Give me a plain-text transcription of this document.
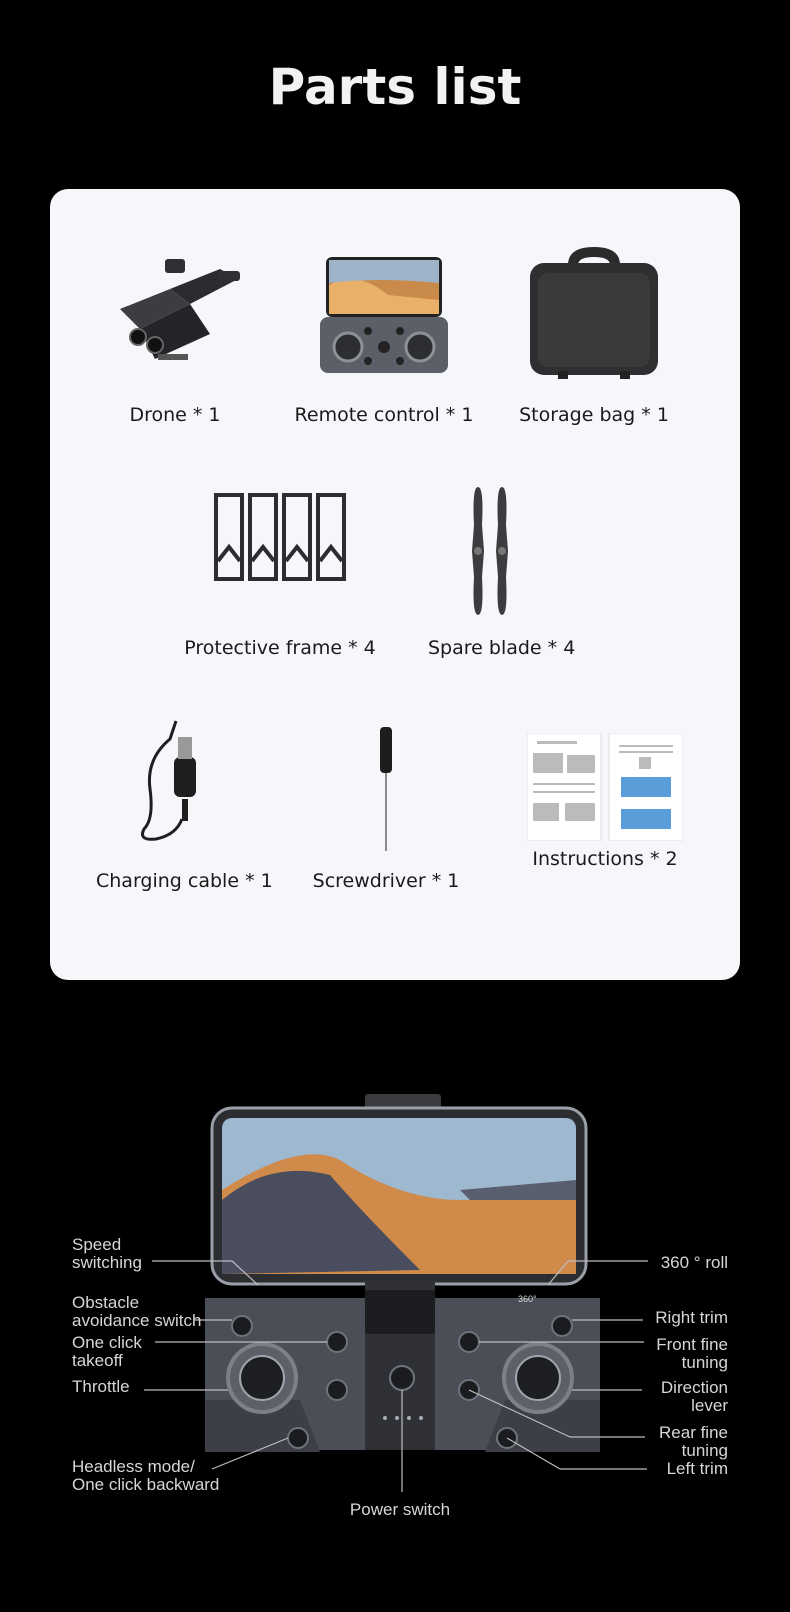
Parts list
Drone * 1	Remote control * 1	Storage bag * 1
Protective frame * 4	Spare blade * 4
Charging cable * 1	Screwdriver * 1
Instructions * 2
360°
Speed
switching
Obstacle
avoidance switch
One click
takeoff
Throttle
Headless mode/
One click backward
360 ° roll
Right trim
Front fine
tuning
Direction
lever
Rear fine
tuning
Left trim
Power switch
